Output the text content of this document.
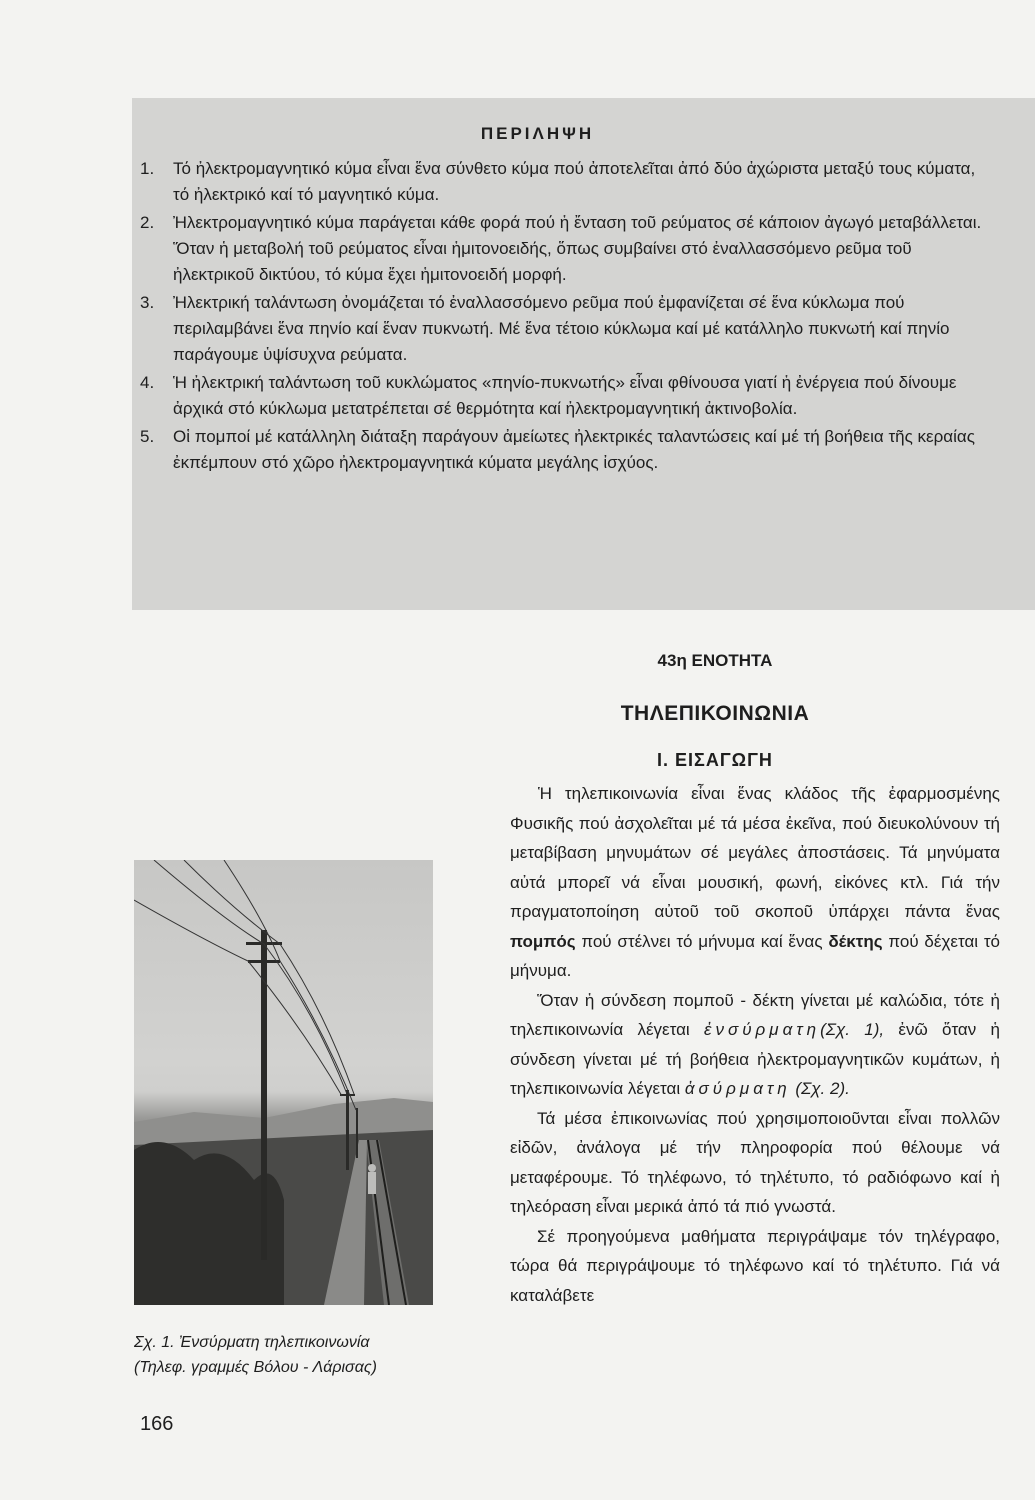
ΠΕΡΙΛΗΨΗ
1. Τό ἠλεκτρομαγνητικό κύμα εἶναι ἕνα σύνθετο κύμα πού ἀποτελεῖται ἀπό δύο ἀχώριστα μεταξύ τους κύματα, τό ἠλεκτρικό καί τό μαγνητικό κύμα.
2. Ἠλεκτρομαγνητικό κύμα παράγεται κάθε φορά πού ἡ ἔνταση τοῦ ρεύματος σέ κάποιον ἀγωγό μεταβάλλεται. Ὅταν ἡ μεταβολή τοῦ ρεύματος εἶναι ἡμιτονοειδής, ὅπως συμβαίνει στό ἐναλλασσόμενο ρεῦμα τοῦ ἠλεκτρικοῦ δικτύου, τό κύμα ἔχει ἡμιτονοειδή μορφή.
3. Ἠλεκτρική ταλάντωση ὀνομάζεται τό ἐναλλασσόμενο ρεῦμα πού ἐμφανίζεται σέ ἕνα κύκλωμα πού περιλαμβάνει ἕνα πηνίο καί ἕναν πυκνωτή. Μέ ἕνα τέτοιο κύκλωμα καί μέ κατάλληλο πυκνωτή καί πηνίο παράγουμε ὑψίσυχνα ρεύματα.
4. Ἡ ἠλεκτρική ταλάντωση τοῦ κυκλώματος «πηνίο-πυκνωτής» εἶναι φθίνουσα γιατί ἡ ἐνέργεια πού δίνουμε ἀρχικά στό κύκλωμα μετατρέπεται σέ θερμότητα καί ἠλεκτρομαγνητική ἀκτινοβολία.
5. Οἱ πομποί μέ κατάλληλη διάταξη παράγουν ἀμείωτες ἠλεκτρικές ταλαντώσεις καί μέ τή βοήθεια τῆς κεραίας ἐκπέμπουν στό χῶρο ἠλεκτρομαγνητικά κύματα μεγάλης ἰσχύος.
43η ΕΝΟΤΗΤΑ
ΤΗΛΕΠΙΚΟΙΝΩΝΙΑ
Ι. ΕΙΣΑΓΩΓΗ

Ἡ τηλεπικοινωνία εἶναι ἕνας κλάδος τῆς ἐφαρμοσμένης Φυσικῆς πού ἀσχολεῖται μέ τά μέσα ἐκεῖνα, πού διευκολύνουν τή μεταβίβαση μηνυμάτων σέ μεγάλες ἀποστάσεις. Τά μηνύματα αὐτά μπορεῖ νά εἶναι μουσική, φωνή, εἰκόνες κτλ. Γιά τήν πραγματοποίηση αὐτοῦ τοῦ σκοποῦ ὑπάρχει πάντα ἕνας πομπός πού στέλνει τό μήνυμα καί ἕνας δέκτης πού δέχεται τό μήνυμα.

Ὅταν ἡ σύνδεση πομποῦ - δέκτη γίνεται μέ καλώδια, τότε ἡ τηλεπικοινωνία λέγεται ἐνσύρματη(Σχ. 1), ἐνῶ ὅταν ἡ σύνδεση γίνεται μέ τή βοήθεια ἠλεκτρομαγνητικῶν κυμάτων, ἡ τηλεπικοινωνία λέγεται ἀσύρματη (Σχ. 2).

Τά μέσα ἐπικοινωνίας πού χρησιμοποιοῦνται εἶναι πολλῶν εἰδῶν, ἀνάλογα μέ τήν πληροφορία πού θέλουμε νά μεταφέρουμε. Τό τηλέφωνο, τό τηλέτυπο, τό ραδιόφωνο καί ἡ τηλεόραση εἶναι μερικά ἀπό τά πιό γνωστά.

Σέ προηγούμενα μαθήματα περιγράψαμε τόν τηλέγραφο, τώρα θά περιγράψουμε τό τηλέφωνο καί τό τηλέτυπο. Γιά νά καταλάβετε

Σχ. 1. Ἐνσύρματη τηλεπικοινωνία
(Τηλεφ. γραμμές Βόλου - Λάρισας)

166
